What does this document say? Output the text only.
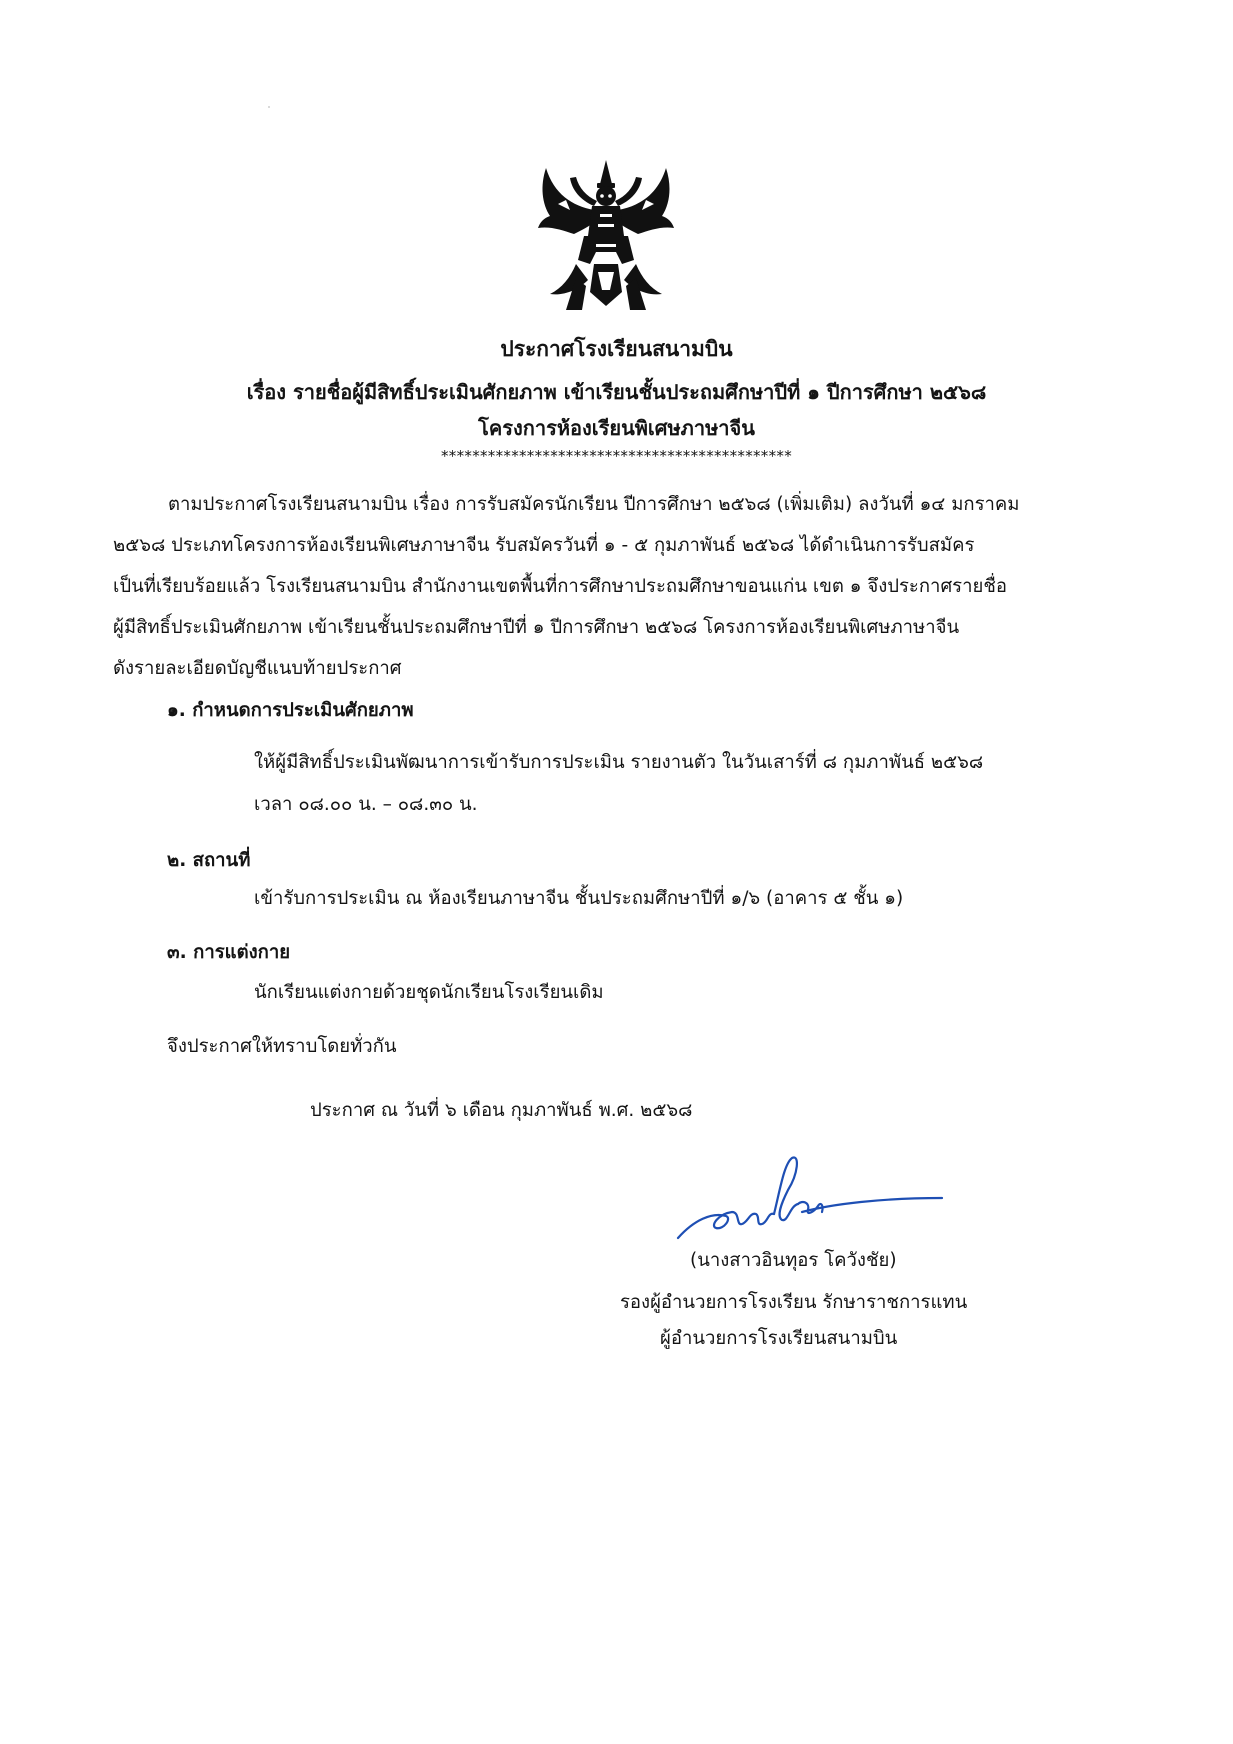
ประกาศโรงเรียนสนามบิน
เรื่อง รายชื่อผู้มีสิทธิ์ประเมินศักยภาพ เข้าเรียนชั้นประถมศึกษาปีที่ ๑ ปีการศึกษา ๒๕๖๘
โครงการห้องเรียนพิเศษภาษาจีน
*********************************************

ตามประกาศโรงเรียนสนามบิน เรื่อง การรับสมัครนักเรียน ปีการศึกษา ๒๕๖๘ (เพิ่มเติม) ลงวันที่ ๑๔ มกราคม

๒๕๖๘ ประเภทโครงการห้องเรียนพิเศษภาษาจีน รับสมัครวันที่ ๑ - ๕ กุมภาพันธ์ ๒๕๖๘ ได้ดำเนินการรับสมัคร

เป็นที่เรียบร้อยแล้ว โรงเรียนสนามบิน สำนักงานเขตพื้นที่การศึกษาประถมศึกษาขอนแก่น เขต ๑ จึงประกาศรายชื่อ

ผู้มีสิทธิ์ประเมินศักยภาพ เข้าเรียนชั้นประถมศึกษาปีที่ ๑ ปีการศึกษา ๒๕๖๘ โครงการห้องเรียนพิเศษภาษาจีน

ดังรายละเอียดบัญชีแนบท้ายประกาศ

๑. กำหนดการประเมินศักยภาพ
ให้ผู้มีสิทธิ์ประเมินพัฒนาการเข้ารับการประเมิน รายงานตัว ในวันเสาร์ที่ ๘ กุมภาพันธ์ ๒๕๖๘
เวลา ๐๘.๐๐ น. – ๐๘.๓๐ น.
๒. สถานที่
เข้ารับการประเมิน ณ ห้องเรียนภาษาจีน ชั้นประถมศึกษาปีที่ ๑/๖ (อาคาร ๕ ชั้น ๑)
๓. การแต่งกาย
นักเรียนแต่งกายด้วยชุดนักเรียนโรงเรียนเดิม
จึงประกาศให้ทราบโดยทั่วกัน
ประกาศ ณ วันที่ ๖ เดือน กุมภาพันธ์ พ.ศ. ๒๕๖๘
(นางสาวอินทุอร โควังชัย)
รองผู้อำนวยการโรงเรียน รักษาราชการแทน
ผู้อำนวยการโรงเรียนสนามบิน
